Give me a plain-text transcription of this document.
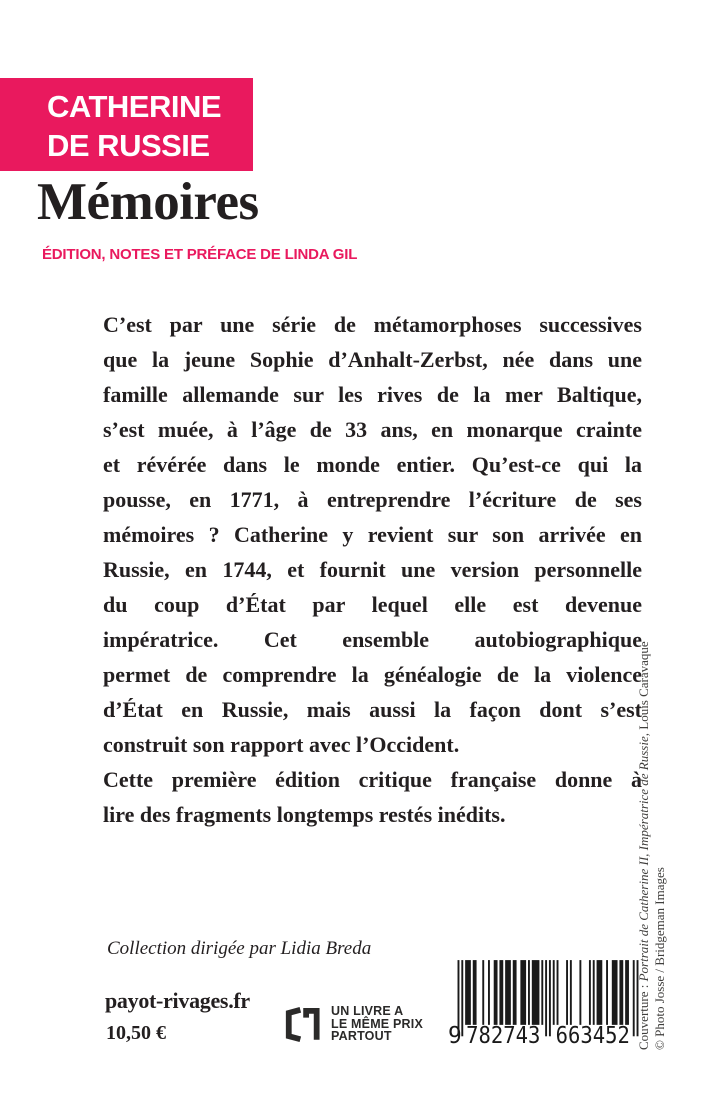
CATHERINE
DE RUSSIE
Mémoires
ÉDITION, NOTES ET PRÉFACE DE LINDA GIL
C’est par une série de métamorphoses successives
que la jeune Sophie d’Anhalt-Zerbst, née dans une
famille allemande sur les rives de la mer Baltique,
s’est muée, à l’âge de 33 ans, en monarque crainte
et révérée dans le monde entier. Qu’est-ce qui la
pousse, en 1771, à entreprendre l’écriture de ses
mémoires ? Catherine y revient sur son arrivée en
Russie, en 1744, et fournit une version personnelle
du coup d’État par lequel elle est devenue
impératrice. Cet ensemble autobiographique
permet de comprendre la généalogie de la violence
d’État en Russie, mais aussi la façon dont s’est
construit son rapport avec l’Occident.
Cette première édition critique française donne à
lire des fragments longtemps restés inédits.
Collection dirigée par Lidia Breda
payot-rivages.fr
10,50 €
UN LIVRE A
LE MÊME PRIX
PARTOUT	9 782743 663452 Couverture : Portrait de Catherine II, Impératrice de Russie, Louis Caravaque
© Photo Josse / Bridgeman Images
